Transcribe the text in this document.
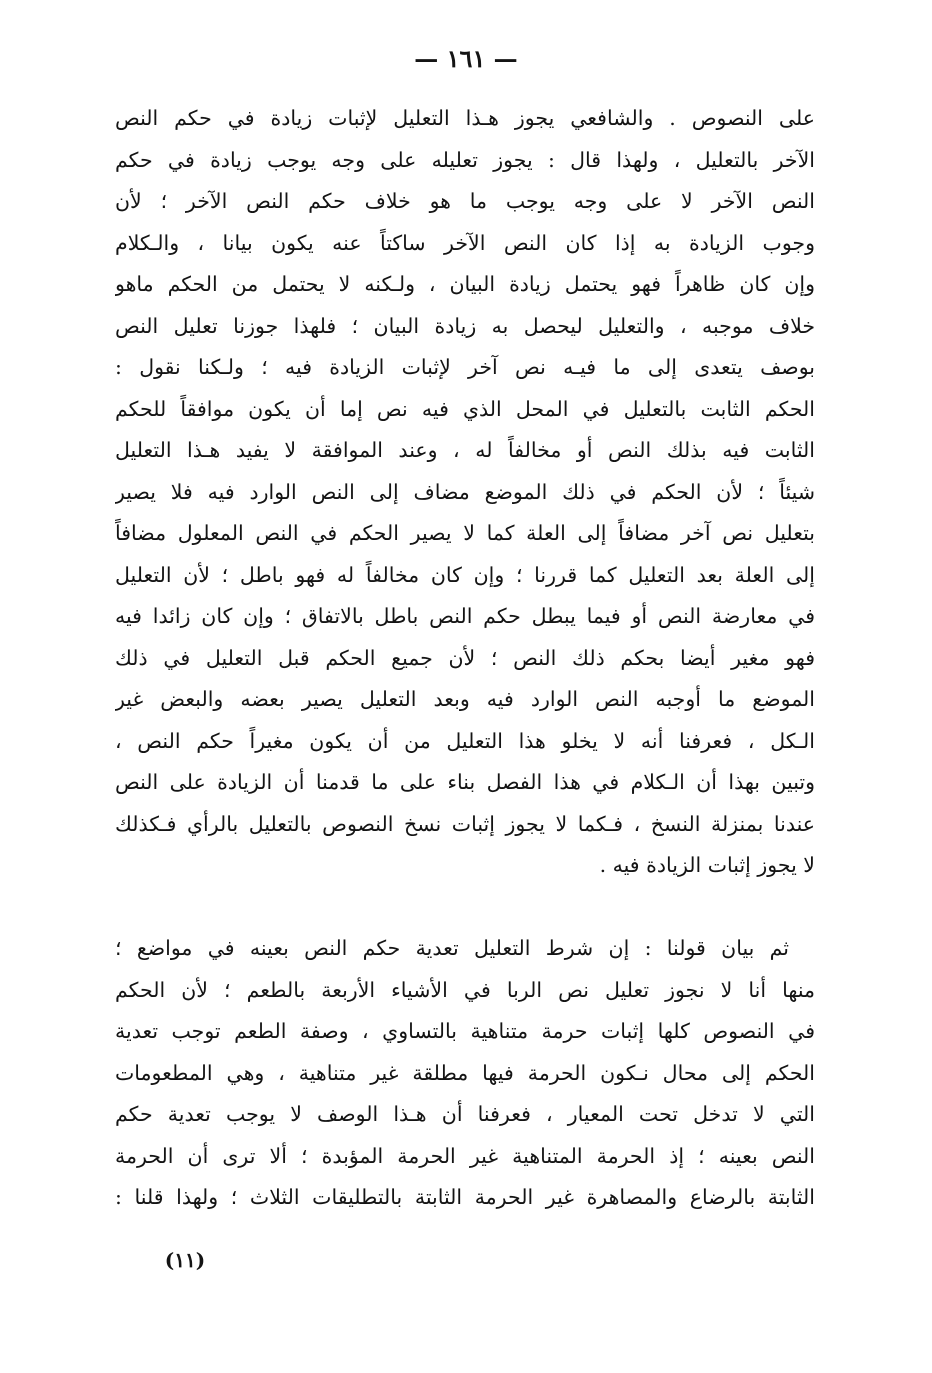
— ١٦١ —
على النصوص . والشافعي يجوز هـذا التعليل لإثبات زيادة في حكم النص
الآخر بالتعليل ، ولهذا قال : يجوز تعليله على وجه يوجب زيادة في حكم
النص الآخر لا على وجه يوجب ما هو خلاف حكم النص الآخر ؛ لأن
وجوب الزيادة به إذا كان النص الآخر ساكتاً عنه يكون بيانا ، والـكلام
وإن كان ظاهراً فهو يحتمل زيادة البيان ، ولـكنه لا يحتمل من الحكم ماهو
خلاف موجبه ، والتعليل ليحصل به زيادة البيان ؛ فلهذا جوزنا تعليل النص
بوصف يتعدى إلى ما فيـه نص آخر لإثبات الزيادة فيه ؛ ولـكنا نقول :
الحكم الثابت بالتعليل في المحل الذي فيه نص إما أن يكون موافقاً للحكم
الثابت فيه بذلك النص أو مخالفاً له ، وعند الموافقة لا يفيد هـذا التعليل
شيئاً ؛ لأن الحكم في ذلك الموضع مضاف إلى النص الوارد فيه فلا يصير
بتعليل نص آخر مضافاً إلى العلة كما لا يصير الحكم في النص المعلول مضافاً
إلى العلة بعد التعليل كما قررنا ؛ وإن كان مخالفاً له فهو باطل ؛ لأن التعليل
في معارضة النص أو فيما يبطل حكم النص باطل بالاتفاق ؛ وإن كان زائدا فيه
فهو مغير أيضا بحكم ذلك النص ؛ لأن جميع الحكم قبل التعليل في ذلك
الموضع ما أوجبه النص الوارد فيه وبعد التعليل يصير بعضه والبعض غير
الـكل ، فعرفنا أنه لا يخلو هذا التعليل من أن يكون مغيراً حكم النص ،
وتبين بهذا أن الـكلام في هذا الفصل بناء على ما قدمنا أن الزيادة على النص
عندنا بمنزلة النسخ ، فـكما لا يجوز إثبات نسخ النصوص بالتعليل بالرأي فـكذلك
لا يجوز إثبات الزيادة فيه .
ثم بيان قولنا : إن شرط التعليل تعدية حكم النص بعينه في مواضع ؛
منها أنا لا نجوز تعليل نص الربا في الأشياء الأربعة بالطعم ؛ لأن الحكم
في النصوص كلها إثبات حرمة متناهية بالتساوي ، وصفة الطعم توجب تعدية
الحكم إلى محال نـكون الحرمة فيها مطلقة غير متناهية ، وهي المطعومات
التي لا تدخل تحت المعيار ، فعرفنا أن هـذا الوصف لا يوجب تعدية حكم
النص بعينه ؛ إذ الحرمة المتناهية غير الحرمة المؤبدة ؛ ألا ترى أن الحرمة
الثابتة بالرضاع والمصاهرة غير الحرمة الثابتة بالتطليقات الثلاث ؛ ولهذا قلنا :
(١١)
